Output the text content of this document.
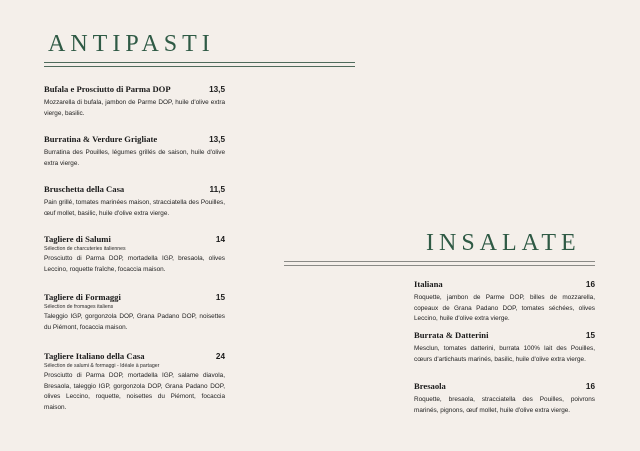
ANTIPASTI
Bufala e Prosciutto di Parma DOP	13,5
Mozzarella di bufala, jambon de Parme DOP, huile d'olive extra vierge, basilic.
Burratina & Verdure Grigliate	13,5
Burratina des Pouilles, légumes grillés de saison, huile d'olive extra vierge.
Bruschetta della Casa	11,5
Pain grillé, tomates marinées maison, stracciatella des Pouilles, œuf mollet, basilic, huile d'olive extra vierge.
Tagliere di Salumi	14
Sélection de charcuteries italiennes
Prosciutto di Parma DOP, mortadella IGP, bresaola, olives Leccino, roquette fraîche, focaccia maison.
Tagliere di Formaggi	15
Sélection de fromages italiens
Taleggio IGP, gorgonzola DOP, Grana Padano DOP, noisettes du Piémont, focaccia maison.
Tagliere Italiano della Casa	24
Sélection de salumi & formaggi - Idéale à partager
Prosciutto di Parma DOP, mortadella IGP, salame diavola, Bresaola, taleggio IGP, gorgonzola DOP, Grana Padano DOP, olives Leccino, roquette, noisettes du Piémont, focaccia maison.
INSALATE
Italiana	16
Roquette, jambon de Parme DOP, billes de mozzarella, copeaux de Grana Padano DOP, tomates séchées, olives Leccino, huile d'olive extra vierge.
Burrata & Datterini	15
Mesclun, tomates datterini, burrata 100% lait des Pouilles, cœurs d'artichauts marinés, basilic, huile d'olive extra vierge.
Bresaola	16
Roquette, bresaola, stracciatella des Pouilles, poivrons marinés, pignons, œuf mollet, huile d'olive extra vierge.
